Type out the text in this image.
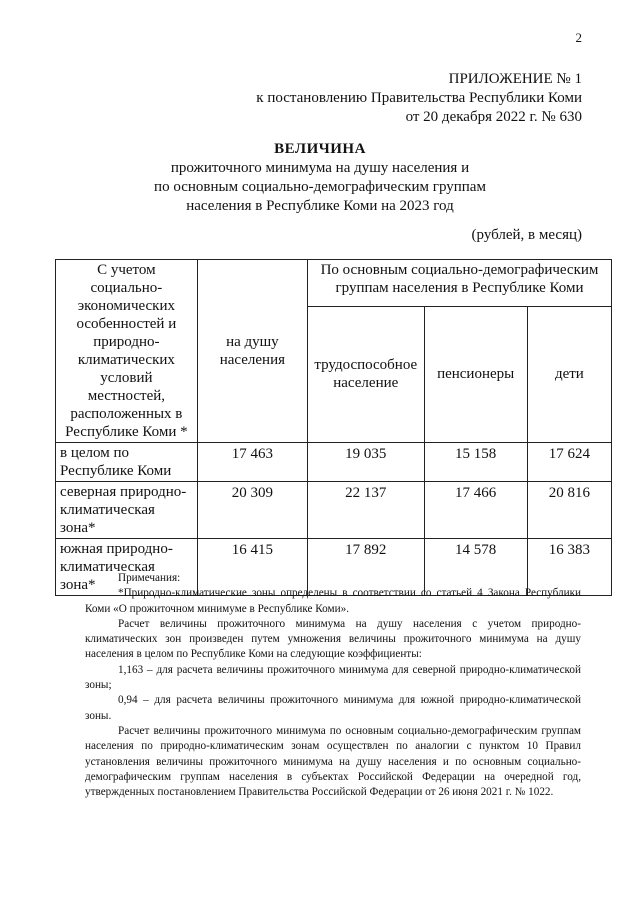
2
ПРИЛОЖЕНИЕ № 1
к постановлению Правительства Республики Коми
от 20 декабря 2022 г. № 630
ВЕЛИЧИНА
прожиточного минимума на душу населения и
по основным социально-демографическим группам
населения в Республике Коми на 2023 год
(рублей, в месяц)
С учетом социально-экономических особенностей и природно-климатических условий местностей, расположенных в Республике Коми *	на душу населения	По основным социально-демографическим группам населения в Республике Коми		
		трудоспособное население	пенсионеры	дети
в целом по Республике Коми	17 463	19 035	15 158	17 624
северная природно-климатическая зона*	20 309	22 137	17 466	20 816
южная природно-климатическая зона*	16 415	17 892	14 578	16 383

Примечания:

*Природно-климатические зоны определены в соответствии со статьей 4 Закона Республики Коми «О прожиточном минимуме в Республике Коми».

Расчет величины прожиточного минимума на душу населения с учетом природно-климатических зон произведен путем умножения величины прожиточного минимума на душу населения в целом по Республике Коми на следующие коэффициенты:

1,163 – для расчета величины прожиточного минимума для северной природно-климатической зоны;

0,94 – для расчета величины прожиточного минимума для южной природно-климатической зоны.

Расчет величины прожиточного минимума по основным социально-демографическим группам населения по природно-климатическим зонам осуществлен по аналогии с пунктом 10 Правил установления величины прожиточного минимума на душу населения и по основным социально-демографическим группам населения в субъектах Российской Федерации на очередной год, утвержденных постановлением Правительства Российской Федерации от 26 июня 2021 г. № 1022.
